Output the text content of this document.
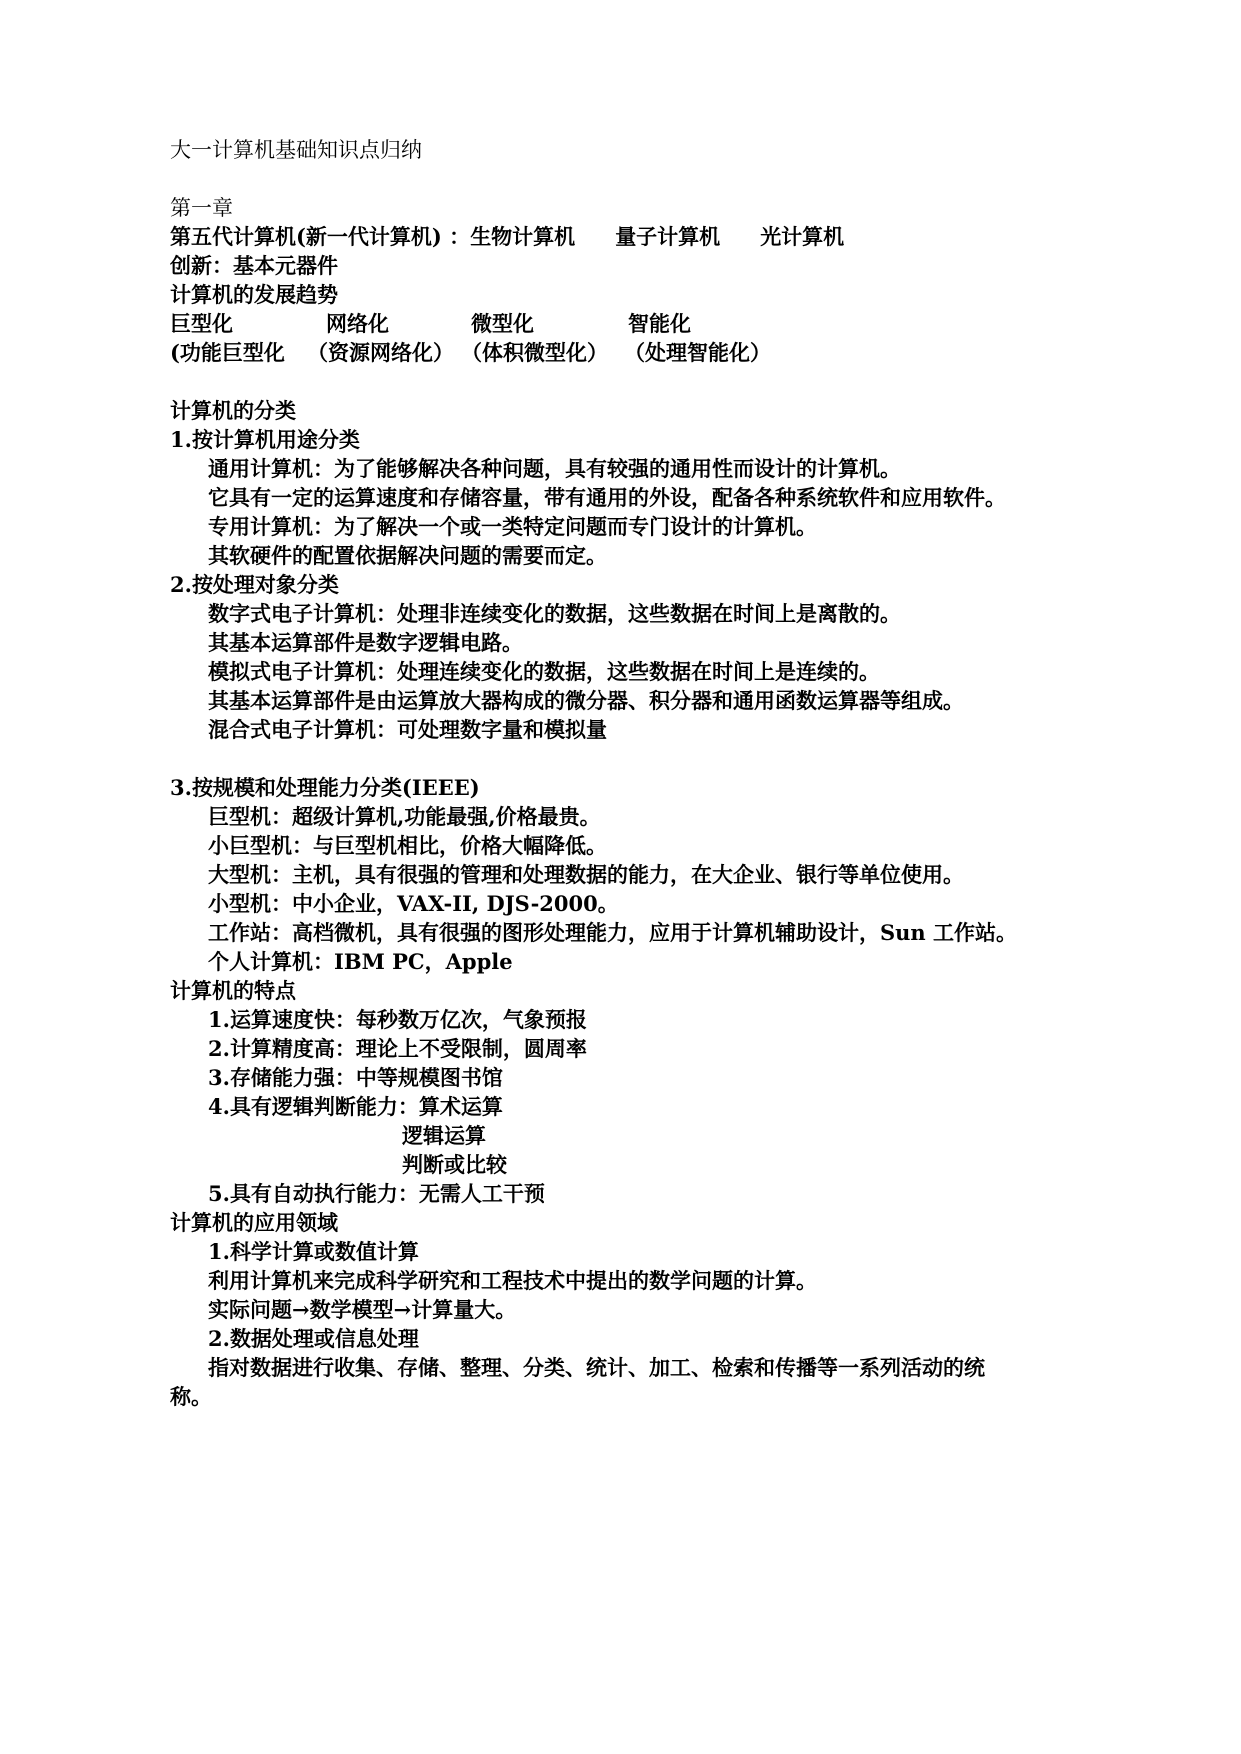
大一计算机基础知识点归纳
第一章
第五代计算机(新一代计算机) ：生物计算机 量子计算机 光计算机
创新：基本元器件
计算机的发展趋势
巨型化	网络化	微型化	智能化
(功能巨型化 （资源网络化） （体积微型化） （处理智能化）
计算机的分类
1.按计算机用途分类
通用计算机：为了能够解决各种问题，具有较强的通用性而设计的计算机。
它具有一定的运算速度和存储容量，带有通用的外设，配备各种系统软件和应用软件。
专用计算机：为了解决一个或一类特定问题而专门设计的计算机。
其软硬件的配置依据解决问题的需要而定。
2.按处理对象分类
数字式电子计算机：处理非连续变化的数据，这些数据在时间上是离散的。
其基本运算部件是数字逻辑电路。
模拟式电子计算机：处理连续变化的数据，这些数据在时间上是连续的。
其基本运算部件是由运算放大器构成的微分器、积分器和通用函数运算器等组成。
混合式电子计算机：可处理数字量和模拟量
3.按规模和处理能力分类(IEEE)
巨型机：超级计算机,功能最强,价格最贵。
小巨型机：与巨型机相比，价格大幅降低。
大型机：主机，具有很强的管理和处理数据的能力，在大企业、银行等单位使用。
小型机：中小企业，VAX-II, DJS-2000。
工作站：高档微机，具有很强的图形处理能力，应用于计算机辅助设计，Sun 工作站。
个人计算机：IBM PC，Apple
计算机的特点
1.运算速度快：每秒数万亿次，气象预报
2.计算精度高：理论上不受限制，圆周率
3.存储能力强：中等规模图书馆
4.具有逻辑判断能力：算术运算
逻辑运算
判断或比较
5.具有自动执行能力：无需人工干预
计算机的应用领域
1.科学计算或数值计算
利用计算机来完成科学研究和工程技术中提出的数学问题的计算。
实际问题→数学模型→计算量大。
2.数据处理或信息处理
指对数据进行收集、存储、整理、分类、统计、加工、检索和传播等一系列活动的统
称。
